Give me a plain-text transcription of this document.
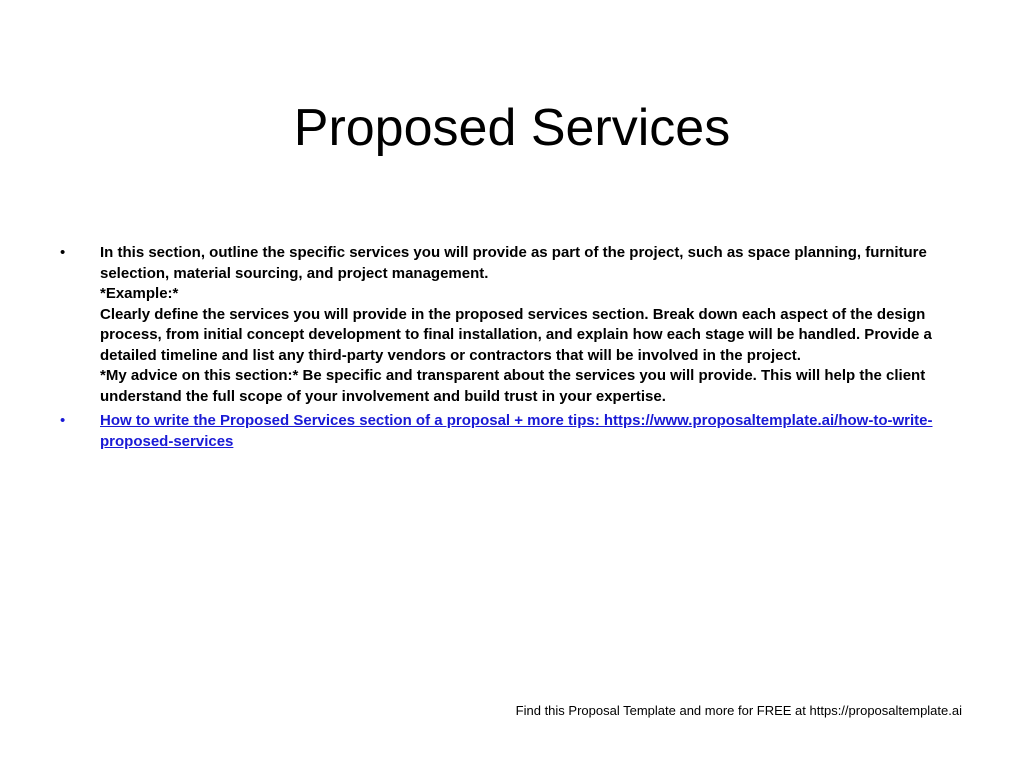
Proposed Services
• In this section, outline the specific services you will provide as part of the project, such as space planning, furniture selection, material sourcing, and project management.
*Example:*
Clearly define the services you will provide in the proposed services section. Break down each aspect of the design process, from initial concept development to final installation, and explain how each stage will be handled. Provide a detailed timeline and list any third-party vendors or contractors that will be involved in the project.
*My advice on this section:* Be specific and transparent about the services you will provide. This will help the client understand the full scope of your involvement and build trust in your expertise.
• How to write the Proposed Services section of a proposal + more tips: https://www.proposaltemplate.ai/how-to-write-proposed-services
Find this Proposal Template and more for FREE at https://proposaltemplate.ai
